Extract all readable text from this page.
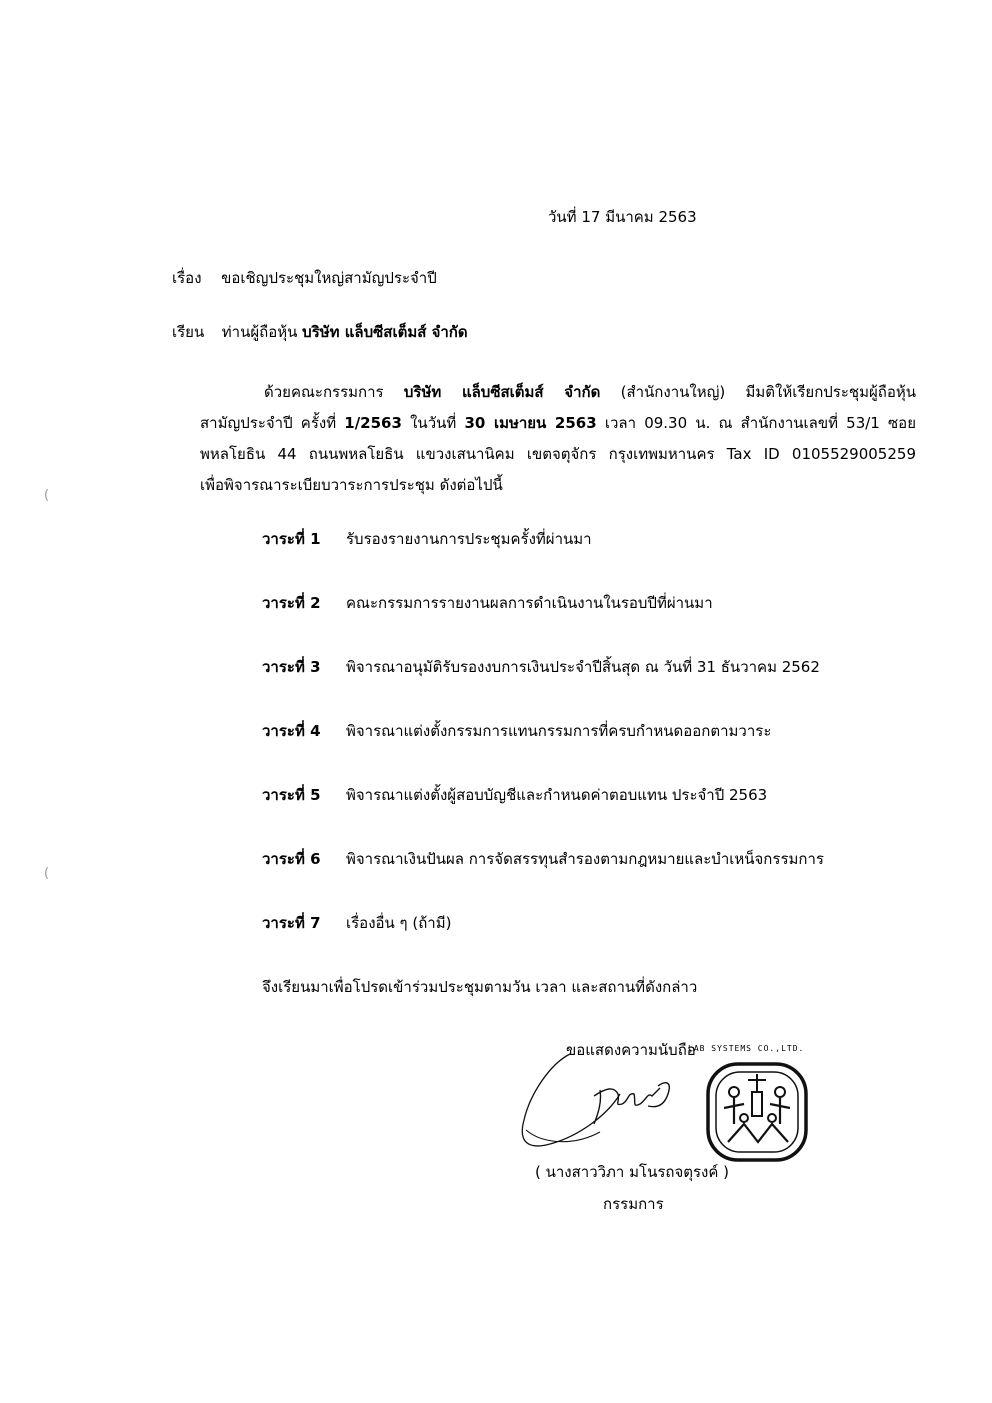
วันที่ 17 มีนาคม 2563
เรื่อง ขอเชิญประชุมใหญ่สามัญประจำปี
เรียน ท่านผู้ถือหุ้น บริษัท แล็บซีสเต็มส์ จำกัด
ด้วยคณะกรรมการ บริษัท แล็บซีสเต็มส์ จำกัด (สำนักงานใหญ่) มีมติให้เรียกประชุมผู้ถือหุ้น
สามัญประจำปี ครั้งที่ 1/2563 ในวันที่ 30 เมษายน 2563 เวลา 09.30 น. ณ สำนักงานเลขที่ 53/1 ซอย
พหลโยธิน 44 ถนนพหลโยธิน แขวงเสนานิคม เขตจตุจักร กรุงเทพมหานคร Tax ID 0105529005259
เพื่อพิจารณาระเบียบวาระการประชุม ดังต่อไปนี้
วาระที่ 1 รับรองรายงานการประชุมครั้งที่ผ่านมา
วาระที่ 2 คณะกรรมการรายงานผลการดำเนินงานในรอบปีที่ผ่านมา
วาระที่ 3 พิจารณาอนุมัติรับรองงบการเงินประจำปีสิ้นสุด ณ วันที่ 31 ธันวาคม 2562
วาระที่ 4 พิจารณาแต่งตั้งกรรมการแทนกรรมการที่ครบกำหนดออกตามวาระ
วาระที่ 5 พิจารณาแต่งตั้งผู้สอบบัญชีและกำหนดค่าตอบแทน ประจำปี 2563
วาระที่ 6 พิจารณาเงินปันผล การจัดสรรทุนสำรองตามกฎหมายและบำเหน็จกรรมการ
วาระที่ 7 เรื่องอื่น ๆ (ถ้ามี)
จึงเรียนมาเพื่อโปรดเข้าร่วมประชุมตามวัน เวลา และสถานที่ดังกล่าว
ขอแสดงความนับถือ
LAB SYSTEMS CO.,LTD.
( นางสาววิภา มโนรถจตุรงค์ )
กรรมการ
(
(
